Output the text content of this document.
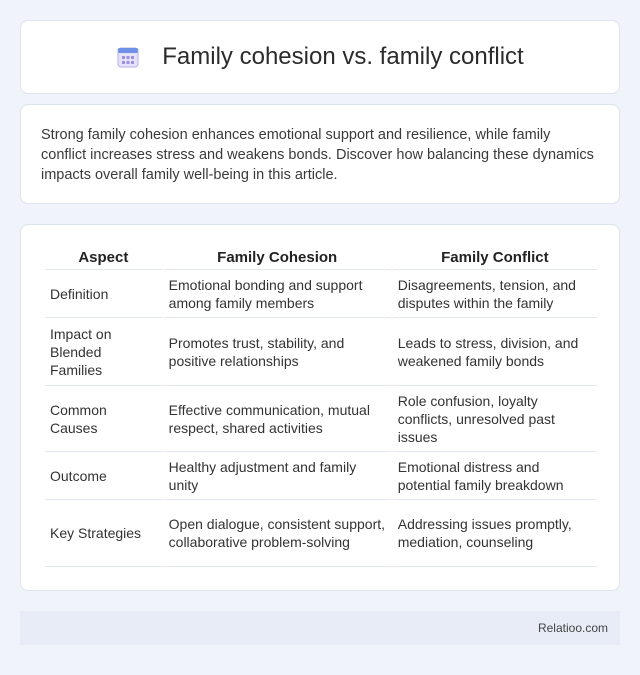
Family cohesion vs. family conflict

Strong family cohesion enhances emotional support and resilience, while family conflict increases stress and weakens bonds. Discover how balancing these dynamics impacts overall family well-being in this article.

Aspect	Family Cohesion	Family Conflict
Definition	Emotional bonding and support among family members	Disagreements, tension, and disputes within the family
Impact on Blended Families	Promotes trust, stability, and positive relationships	Leads to stress, division, and weakened family bonds
Common Causes	Effective communication, mutual respect, shared activities	Role confusion, loyalty conflicts, unresolved past issues
Outcome	Healthy adjustment and family unity	Emotional distress and potential family breakdown
Key Strategies	Open dialogue, consistent support, collaborative problem-solving	Addressing issues promptly, mediation, counseling
Relatioo.com
